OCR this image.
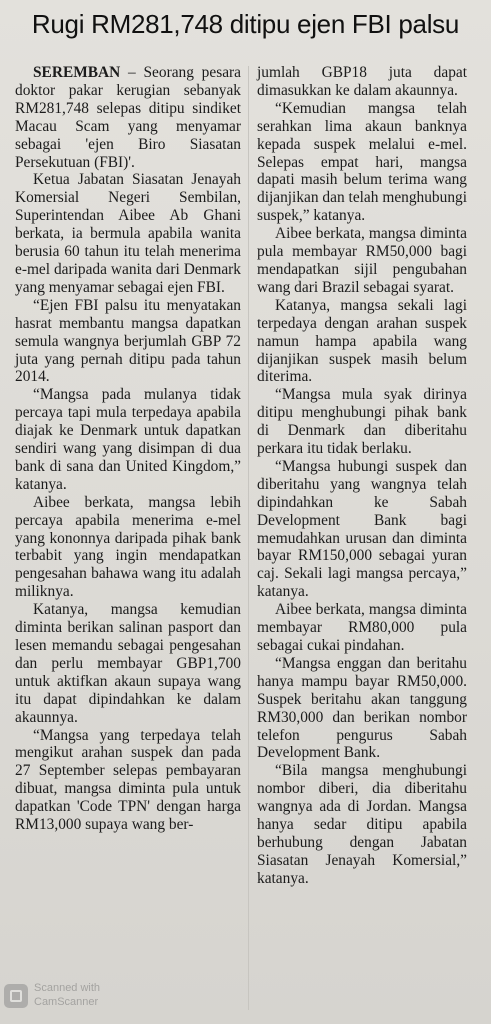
Rugi RM281,748 ditipu ejen FBI palsu

SEREMBAN – Seorang pesara doktor pakar kerugian sebanyak RM281,748 selepas ditipu sindiket Macau Scam yang menyamar sebagai 'ejen Biro Siasatan Persekutuan (FBI)'.

Ketua Jabatan Siasatan Jenayah Komersial Negeri Sembilan, Superintendan Aibee Ab Ghani berkata, ia bermula apabila wanita berusia 60 tahun itu telah menerima e-mel daripada wanita dari Denmark yang menyamar sebagai ejen FBI.

“Ejen FBI palsu itu menyatakan hasrat membantu mangsa dapatkan semula wangnya berjumlah GBP 72 juta yang pernah ditipu pada tahun 2014.

“Mangsa pada mulanya tidak percaya tapi mula terpedaya apabila diajak ke Denmark untuk dapatkan sendiri wang yang disimpan di dua bank di sana dan United Kingdom,” katanya.

Aibee berkata, mangsa lebih percaya apabila menerima e-mel yang kononnya daripada pihak bank terbabit yang ingin mendapatkan pengesahan bahawa wang itu adalah miliknya.

Katanya, mangsa kemudian diminta berikan salinan pasport dan lesen memandu sebagai pengesahan dan perlu membayar GBP1,700 untuk aktifkan akaun supaya wang itu dapat dipindahkan ke dalam akaunnya.

“Mangsa yang terpedaya telah mengikut arahan suspek dan pada 27 September selepas pembayaran dibuat, mangsa diminta pula untuk dapatkan 'Code TPN' dengan harga RM13,000 supaya wang ber-

jumlah GBP18 juta dapat dimasukkan ke dalam akaunnya.

“Kemudian mangsa telah serahkan lima akaun banknya kepada suspek melalui e-mel. Selepas empat hari, mangsa dapati masih belum terima wang dijanjikan dan telah menghubungi suspek,” katanya.

Aibee berkata, mangsa diminta pula membayar RM50,000 bagi mendapatkan sijil pengubahan wang dari Brazil sebagai syarat.

Katanya, mangsa sekali lagi terpedaya dengan arahan suspek namun hampa apabila wang dijanjikan suspek masih belum diterima.

“Mangsa mula syak dirinya ditipu menghubungi pihak bank di Denmark dan diberitahu perkara itu tidak berlaku.

“Mangsa hubungi suspek dan diberitahu yang wangnya telah dipindahkan ke Sabah Development Bank bagi memudahkan urusan dan diminta bayar RM150,000 sebagai yuran caj. Sekali lagi mangsa percaya,” katanya.

Aibee berkata, mangsa diminta membayar RM80,000 pula sebagai cukai pindahan.

“Mangsa enggan dan beritahu hanya mampu bayar RM50,000. Suspek beritahu akan tanggung RM30,000 dan berikan nombor telefon pengurus Sabah Development Bank.

“Bila mangsa menghubungi nombor diberi, dia diberitahu wangnya ada di Jordan. Mangsa hanya sedar ditipu apabila berhubung dengan Jabatan Siasatan Jenayah Komersial,” katanya.

Scanned with
CamScanner
